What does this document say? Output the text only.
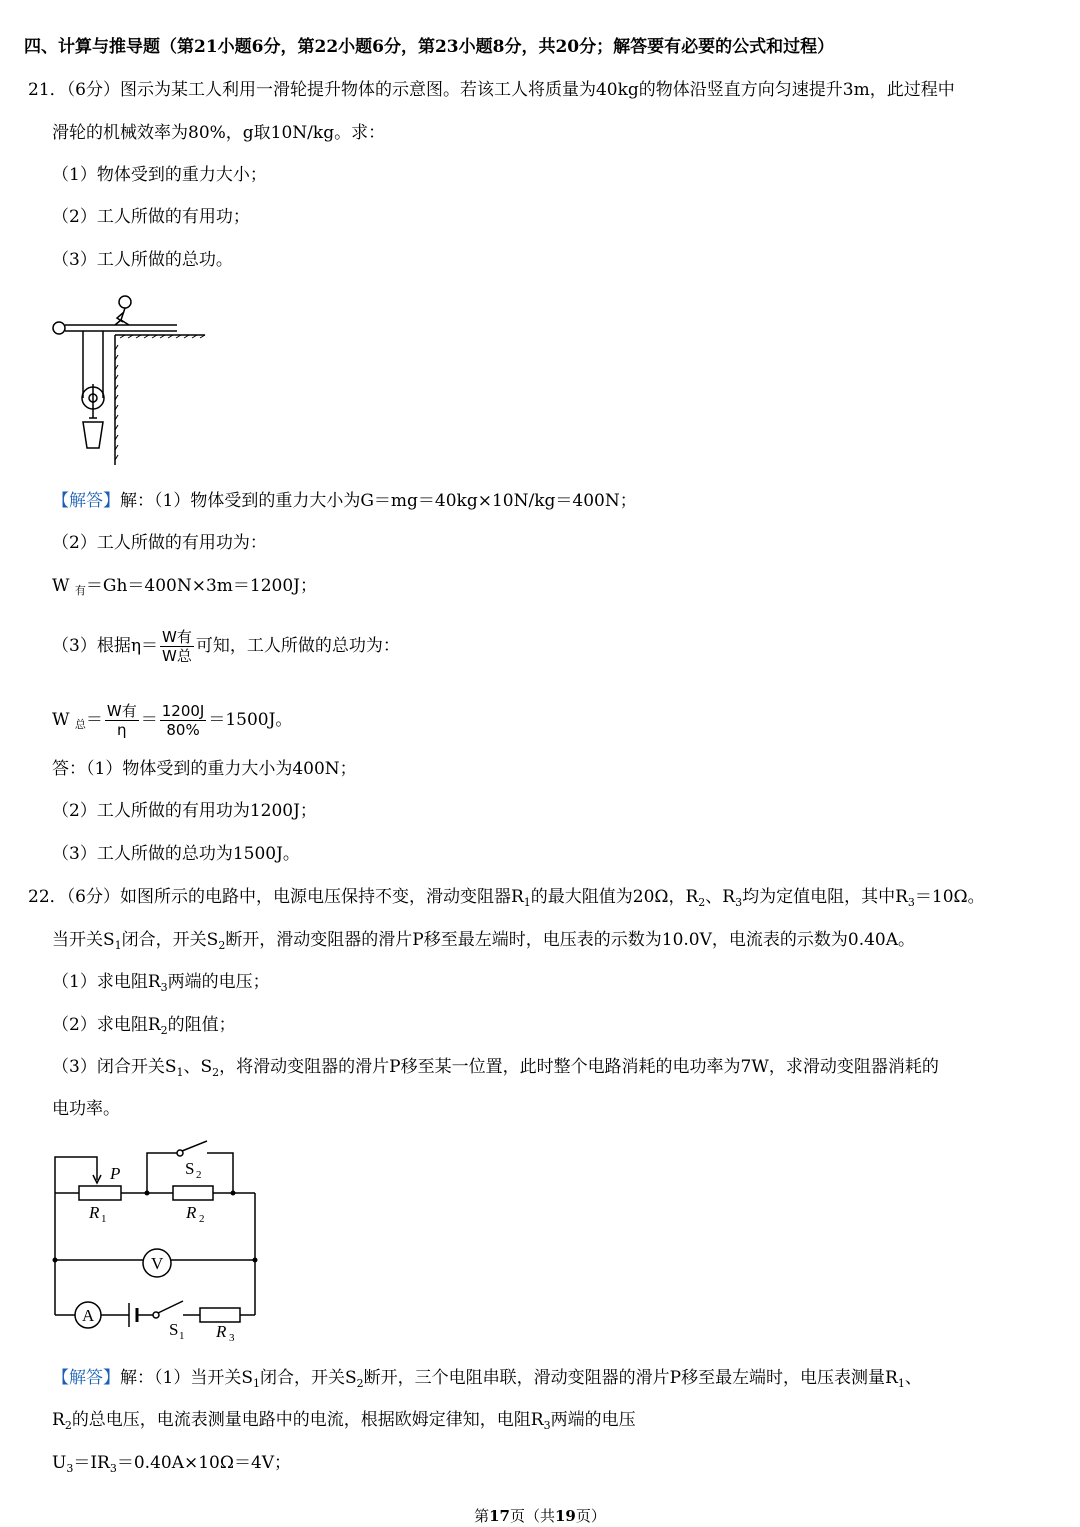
四、计算与推导题（第21小题6分，第22小题6分，第23小题8分，共20分；解答要有必要的公式和过程）
21．（6分）图示为某工人利用一滑轮提升物体的示意图。若该工人将质量为40kg的物体沿竖直方向匀速提升3m，此过程中
滑轮的机械效率为80%，g取10N/kg。求：
（1）物体受到的重力大小；
（2）工人所做的有用功；
（3）工人所做的总功。
【解答】解：（1）物体受到的重力大小为G＝mg＝40kg×10N/kg＝400N；
（2）工人所做的有用功为：
W 有＝Gh＝400N×3m＝1200J；
（3）根据$\eta= \frac{\text{W有}}{\text{W总}}$ 可知，工人所做的总功为：
W 总＝ $\frac{\text{W有}}{\eta} = \frac{1200J}{80\%} =1500J$。
答：（1）物体受到的重力大小为400N；
（2）工人所做的有用功为1200J；
（3）工人所做的总功为1500J。
22．（6分）如图所示的电路中，电源电压保持不变，滑动变阻器$R_1$的最大阻值为20Ω，$R_2$、$R_3$均为定值电阻，其中$R_3=10\Omega$。
当开关$S_1$闭合，开关$S_2$断开，滑动变阻器的滑片P移至最左端时，电压表的示数为10.0V，电流表的示数为0.40A。
（1）求电阻$R_3$两端的电压；
（2）求电阻$R_2$的阻值；
（3）闭合开关$S_1$、$S_2$，将滑动变阻器的滑片P移至某一位置，此时整个电路消耗的电功率为7W，求滑动变阻器消耗的
电功率。
P
R	R
R
1	2
3
2
1
S
S
V
A
【解答】解：（1）当开关$S_1$闭合，开关$S_2$断开，三个电阻串联，滑动变阻器的滑片P移至最左端时，电压表测量$R_1$、
$R_2$的总电压，电流表测量电路中的电流，根据欧姆定律知，电阻$R_3$两端的电压
$U_3=IR_3=0.40A\times 10\Omega=4V$；
第17页（共19页）
